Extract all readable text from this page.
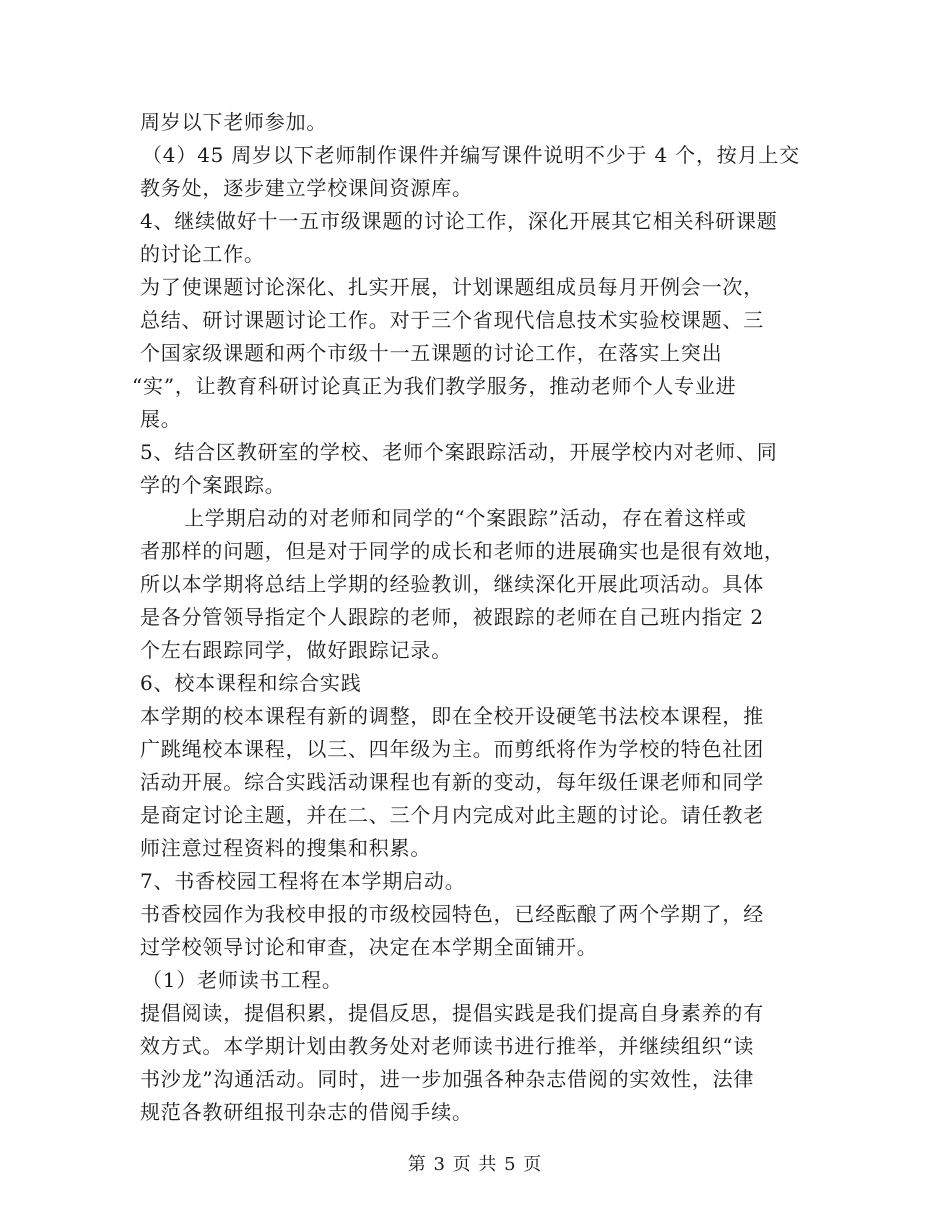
周岁以下老师参加。
（4）45 周岁以下老师制作课件并编写课件说明不少于 4 个，按月上交
教务处，逐步建立学校课间资源库。
4、继续做好十一五市级课题的讨论工作，深化开展其它相关科研课题
的讨论工作。
为了使课题讨论深化、扎实开展，计划课题组成员每月开例会一次，
总结、研讨课题讨论工作。对于三个省现代信息技术实验校课题、三
个国家级课题和两个市级十一五课题的讨论工作，在落实上突出
“实”，让教育科研讨论真正为我们教学服务，推动老师个人专业进
展。
5、结合区教研室的学校、老师个案跟踪活动，开展学校内对老师、同
学的个案跟踪。
上学期启动的对老师和同学的“个案跟踪”活动，存在着这样或
者那样的问题，但是对于同学的成长和老师的进展确实也是很有效地，
所以本学期将总结上学期的经验教训，继续深化开展此项活动。具体
是各分管领导指定个人跟踪的老师，被跟踪的老师在自己班内指定 2
个左右跟踪同学，做好跟踪记录。
6、校本课程和综合实践
本学期的校本课程有新的调整，即在全校开设硬笔书法校本课程，推
广跳绳校本课程，以三、四年级为主。而剪纸将作为学校的特色社团
活动开展。综合实践活动课程也有新的变动，每年级任课老师和同学
是商定讨论主题，并在二、三个月内完成对此主题的讨论。请任教老
师注意过程资料的搜集和积累。
7、书香校园工程将在本学期启动。
书香校园作为我校申报的市级校园特色，已经酝酿了两个学期了，经
过学校领导讨论和审查，决定在本学期全面铺开。
（1）老师读书工程。
提倡阅读，提倡积累，提倡反思，提倡实践是我们提高自身素养的有
效方式。本学期计划由教务处对老师读书进行推举，并继续组织“读
书沙龙”沟通活动。同时，进一步加强各种杂志借阅的实效性，法律
规范各教研组报刊杂志的借阅手续。
第 3 页 共 5 页
